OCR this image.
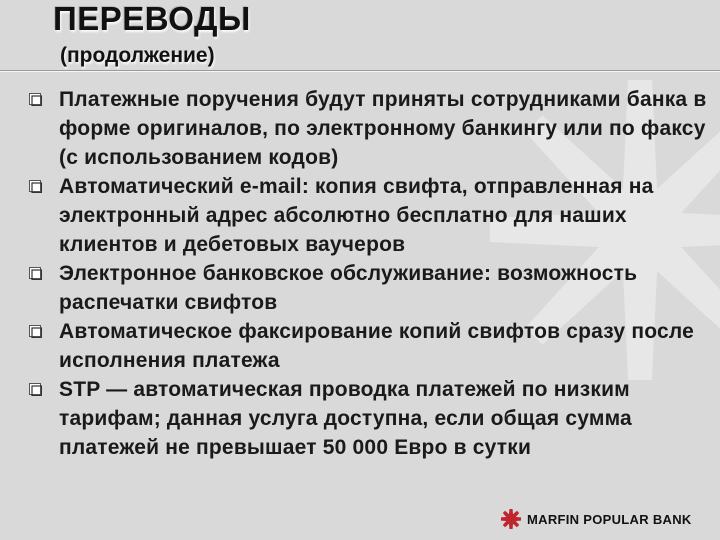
ПЕРЕВОДЫ
(продолжение)
Платежные поручения будут приняты сотрудниками банка в форме оригиналов, по электронному банкингу или по факсу (с использованием кодов)
Автоматический e-mail: копия свифта, отправленная на электронный адрес абсолютно бесплатно для наших клиентов и дебетовых ваучеров
Электронное банковское обслуживание: возможность распечатки свифтов
Автоматическое факсирование копий свифтов сразу после исполнения платежа
STP — автоматическая проводка платежей по низким тарифам; данная услуга доступна, если общая сумма платежей не превышает 50 000 Евро в сутки
MARFIN POPULAR BANK
